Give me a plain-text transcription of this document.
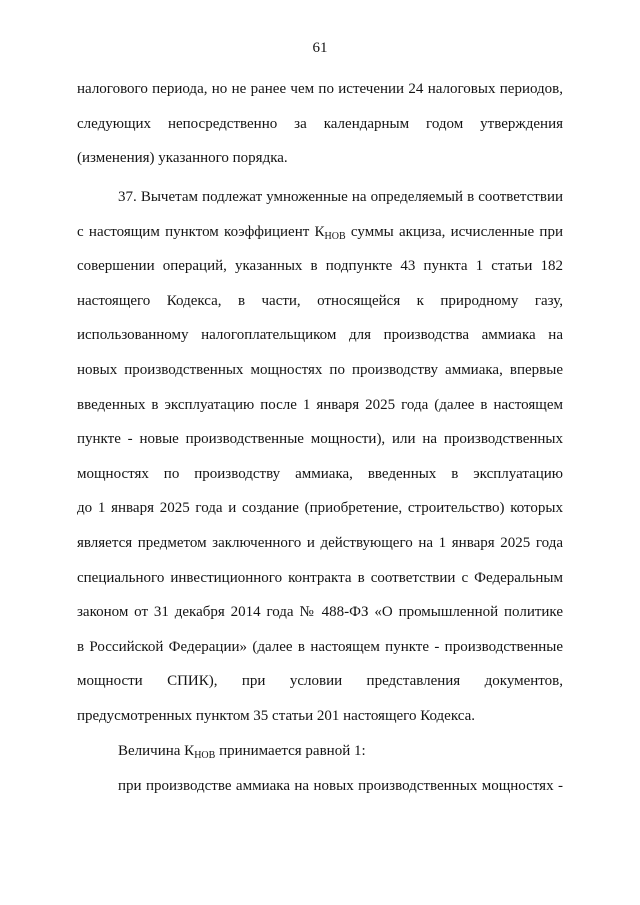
61
налогового периода, но не ранее чем по истечении 24 налоговых периодов,
следующих непосредственно за календарным годом утверждения
(изменения) указанного порядка.
37. Вычетам подлежат умноженные на определяемый в соответствии
с настоящим пунктом коэффициент $К_{НОВ}$ суммы акциза, исчисленные при
совершении операций, указанных в подпункте 43 пункта 1 статьи 182
настоящего Кодекса, в части, относящейся к природному газу,
использованному налогоплательщиком для производства аммиака на
новых производственных мощностях по производству аммиака, впервые
введенных в эксплуатацию после 1 января 2025 года (далее в настоящем
пункте - новые производственные мощности), или на производственных
мощностях по производству аммиака, введенных в эксплуатацию
до 1 января 2025 года и создание (приобретение, строительство) которых
является предметом заключенного и действующего на 1 января 2025 года
специального инвестиционного контракта в соответствии с Федеральным
законом от 31 декабря 2014 года № 488-ФЗ «О промышленной политике
в Российской Федерации» (далее в настоящем пункте - производственные
мощности СПИК), при условии представления документов,
предусмотренных пунктом 35 статьи 201 настоящего Кодекса.
Величина $К_{НОВ}$ принимается равной 1:
при производстве аммиака на новых производственных мощностях -
